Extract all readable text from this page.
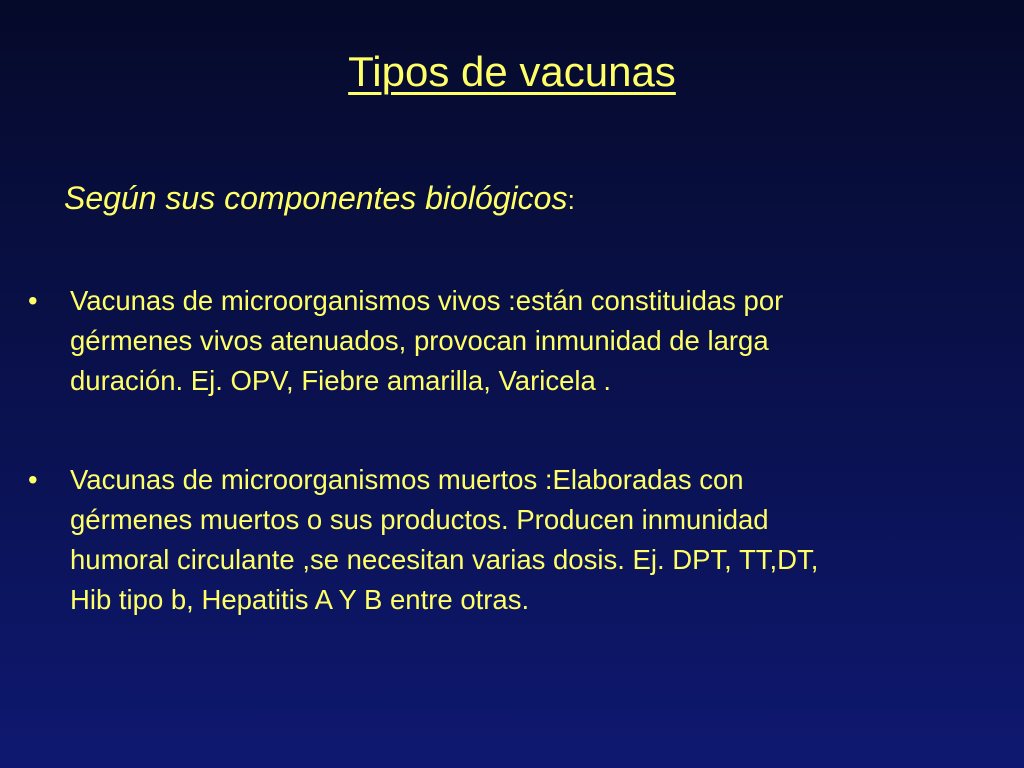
Tipos de vacunas
Según sus componentes biológicos:
•	Vacunas de microorganismos vivos :están constituidas por
gérmenes vivos atenuados, provocan inmunidad de larga
duración. Ej. OPV, Fiebre amarilla, Varicela .
•	Vacunas de microorganismos muertos :Elaboradas con
gérmenes muertos o sus productos. Producen inmunidad
humoral circulante ,se necesitan varias dosis. Ej. DPT, TT,DT,
Hib tipo b, Hepatitis A Y B entre otras.
